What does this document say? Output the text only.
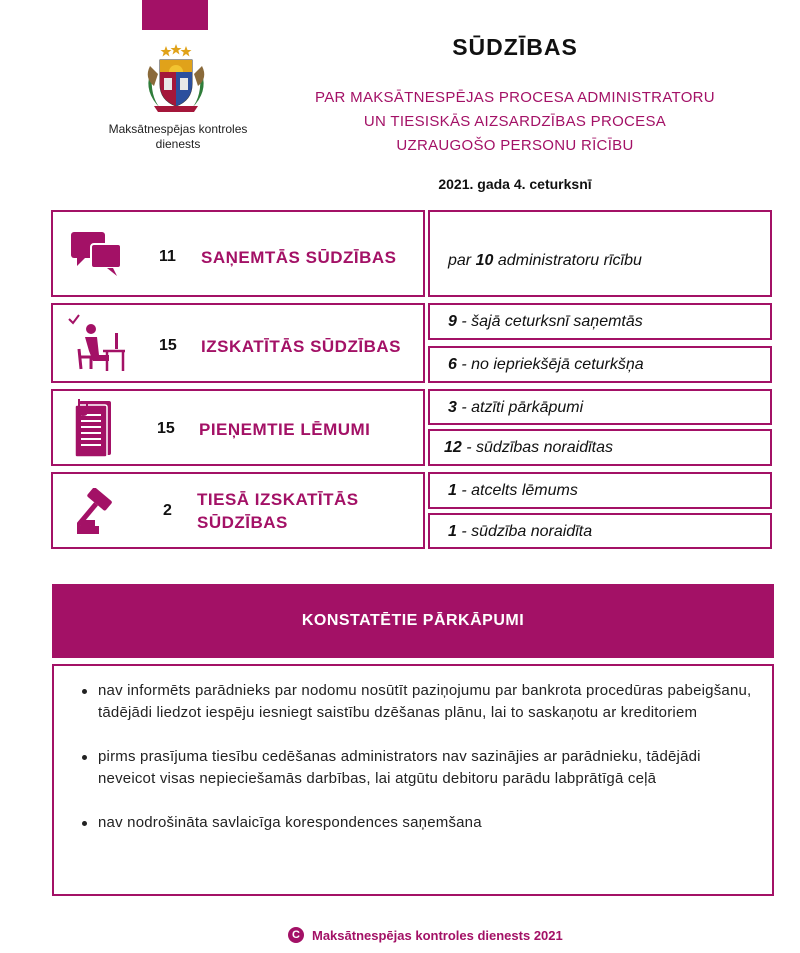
Maksātnespējas kontroles dienests
SŪDZĪBAS
PAR MAKSĀTNESPĒJAS PROCESA ADMINISTRATORU
UN TIESISKĀS AIZSARDZĪBAS PROCESA
UZRAUGOŠO PERSONU RĪCĪBU
2021. gada 4. ceturksnī
11 SAŅEMTĀS SŪDZĪBAS	par 10 administratoru rīcību
15 IZSKATĪTĀS SŪDZĪBAS
9 - šajā ceturksnī saņemtās
6 - no iepriekšējā ceturkšņa
15 PIEŅEMTIE LĒMUMI
3 - atzīti pārkāpumi
12 - sūdzības noraidītas
2
TIESĀ IZSKATĪTĀS
SŪDZĪBAS
1 - atcelts lēmums
1 - sūdzība noraidīta
KONSTATĒTIE PĀRKĀPUMI
nav informēts parādnieks par nodomu nosūtīt paziņojumu par bankrota procedūras pabeigšanu, tādējādi liedzot iespēju iesniegt saistību dzēšanas plānu, lai to saskaņotu ar kreditoriem
pirms prasījuma tiesību cedēšanas administrators nav sazinājies ar parādnieku, tādējādi neveicot visas nepieciešamās darbības, lai atgūtu debitoru parādu labprātīgā ceļā
nav nodrošināta savlaicīga korespondences saņemšana
C Maksātnespējas kontroles dienests 2021
